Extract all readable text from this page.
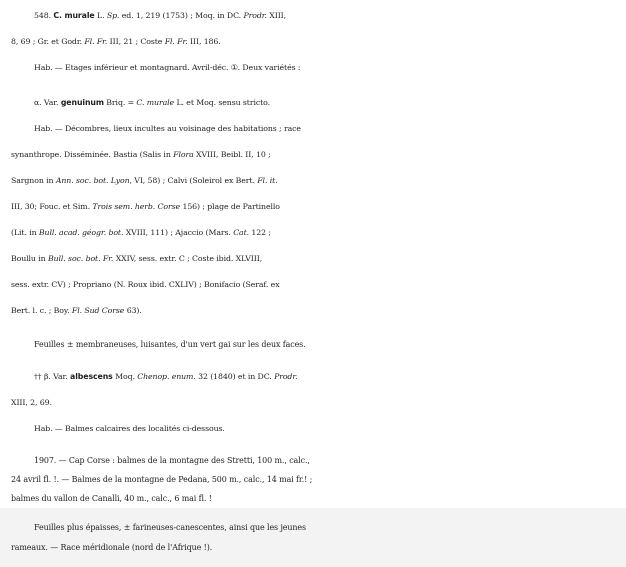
548. C. murale L. Sp. ed. 1, 219 (1753) ; Moq. in DC. Prodr. XIII,
8, 69 ; Gr. et Godr. Fl. Fr. III, 21 ; Coste Fl. Fr. III, 186.
Hab. — Etages inférieur et montagnard. Avril-déc. ①. Deux variétés :
α. Var. genuinum Briq. = C. murale L. et Moq. sensu stricto.
Hab. — Décombres, lieux incultes au voisinage des habitations ; race
synanthrope. Disséminée. Bastia (Salis in Flora XVIII, Beibl. II, 10 ;
Sargnon in Ann. soc. bot. Lyon, VI, 58) ; Calvi (Soleirol ex Bert. Fl. it.
III, 30; Fouc. et Sim. Trois sem. herb. Corse 156) ; plage de Partinello
(Lit. in Bull. acad. géogr. bot. XVIII, 111) ; Ajaccio (Mars. Cat. 122 ;
Boullu in Bull. soc. bot. Fr. XXIV, sess. extr. C ; Coste ibid. XLVIII,
sess. extr. CV) ; Propriano (N. Roux ibid. CXLIV) ; Bonifacio (Seraf. ex
Bert. l. c. ; Boy. Fl. Sud Corse 63).
Feuilles ± membraneuses, luisantes, d'un vert gai sur les deux faces.
†† β. Var. albescens Moq. Chenop. enum. 32 (1840) et in DC. Prodr.
XIII, 2, 69.
Hab. — Balmes calcaires des localités ci-dessous.
1907. — Cap Corse : balmes de la montagne des Stretti, 100 m., calc.,
24 avril fl. !. — Balmes de la montagne de Pedana, 500 m., calc., 14 mai fr.! ;
balmes du vallon de Canalli, 40 m., calc., 6 mai fl. !
Feuilles plus épaisses, ± farineuses-canescentes, ainsi que les jeunes
rameaux. — Race méridionale (nord de l'Afrique !).
